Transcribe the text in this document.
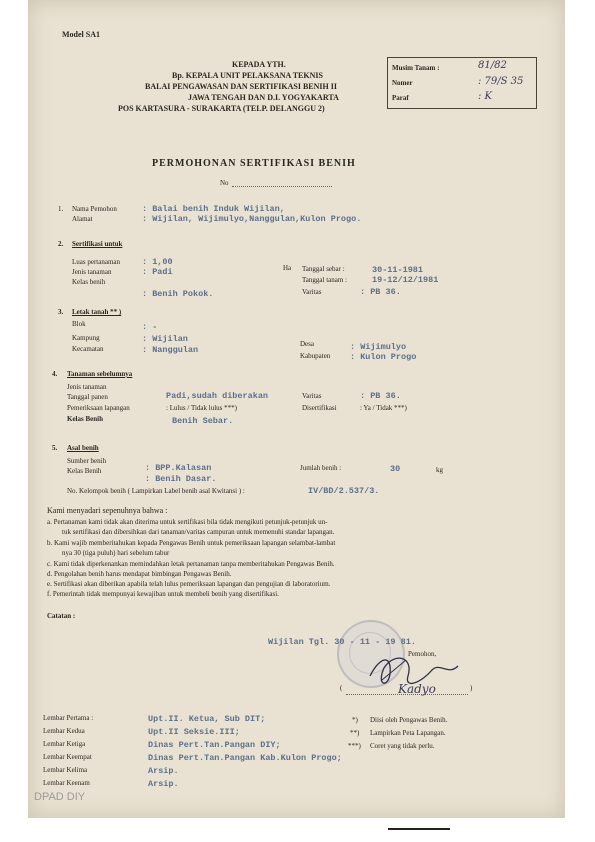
Model SA1
KEPADA YTH.
Bp. KEPALA UNIT PELAKSANA TEKNIS
BALAI PENGAWASAN DAN SERTIFIKASI BENIH II
JAWA TENGAH DAN D.I. YOGYAKARTA
POS KARTASURA - SURAKARTA (TELP. DELANGGU 2)
Musim Tanam :	81/82
Nomer	: 79/S 35
Paraf	: K
PERMOHONAN SERTIFIKASI BENIH
No
1. Nama Pemohon	: Balai benih Induk Wijilan,
Alamat	: Wijilan, Wijimulyo,Nanggulan,Kulon Progo.
2. Sertifikasi untuk
Luas pertanaman	: 1,00
Ha
Jenis tanaman	: Padi
Kelas benih
: Benih Pokok.
Tanggal sebar :	30-11-1981
Tanggal tanam :	19-12/12/1981
Varitas	: PB 36.
3. Letak tanah ** )
Blok	: -
Kampung	: Wijilan
Kecamatan	: Nanggulan
Desa	: Wijimulyo
Kabupaten : Kulon Progo
4. Tanaman sebelumnya
Jenis tanaman
Tanggal panen	Padi,sudah diberakan
Pemeriksaan lapangan	: Lulus / Tidak lulus ***)
Kelas Benih	Benih Sebar.
Varitas	: PB 36.
Disertifikasi	: Ya / Tidak ***)
5. Asal benih
Sumber benih
: BPP.Kalasan
Kelas Benih
: Benih Dasar.
Jumlah benih :	30	kg
No. Kelompok benih ( Lampirkan Label benih asal Kwitansi ) :	IV/BD/2.537/3.
Kami menyadari sepenuhnya bahwa :
a. Pertanaman kami tidak akan diterima untuk sertifikasi bila tidak mengikuti petunjuk-petunjuk un-
tuk sertifikasi dan dibersihkan dari tanaman/varitas campuran untuk memenuhi standar lapangan.
b. Kami wajib memberitahukan kepada Pengawas Benih untuk pemeriksaan lapangan selambat-lambat
nya 30 (tiga puluh) hari sebelum tabur
c. Kami tidak diperkenankan memindahkan letak pertanaman tanpa memberitahukan Pengawas Benih.
d. Pengolahan benih harus mendapat bimbingan Pengawas Benih.
e. Sertifikasi akan diberikan apabila telah lulus pemeriksaan lapangan dan pengujian di laboratorium.
f. Pemerintah tidak mempunyai kewajiban untuk membeli benih yang disertifikasi.
Catatan :
Wijilan Tgl. 30 - 11 - 19 81.
Pemohon,
Kadyo
(	)
Lembar Pertama :	Upt.II. Ketua, Sub DIT;
Lembar Kedua	Upt.II Seksie.III;
Lembar Ketiga	Dinas Pert.Tan.Pangan DIY;
Lembar Keempat	Dinas Pert.Tan.Pangan Kab.Kulon Progo;
Lembar Kelima	Arsip.
Lembar Keenam	Arsip.
*) Diisi oleh Pengawas Benih.
**) Lampirkan Peta Lapangan.
***) Coret yang tidak perlu.
DPAD DIY
